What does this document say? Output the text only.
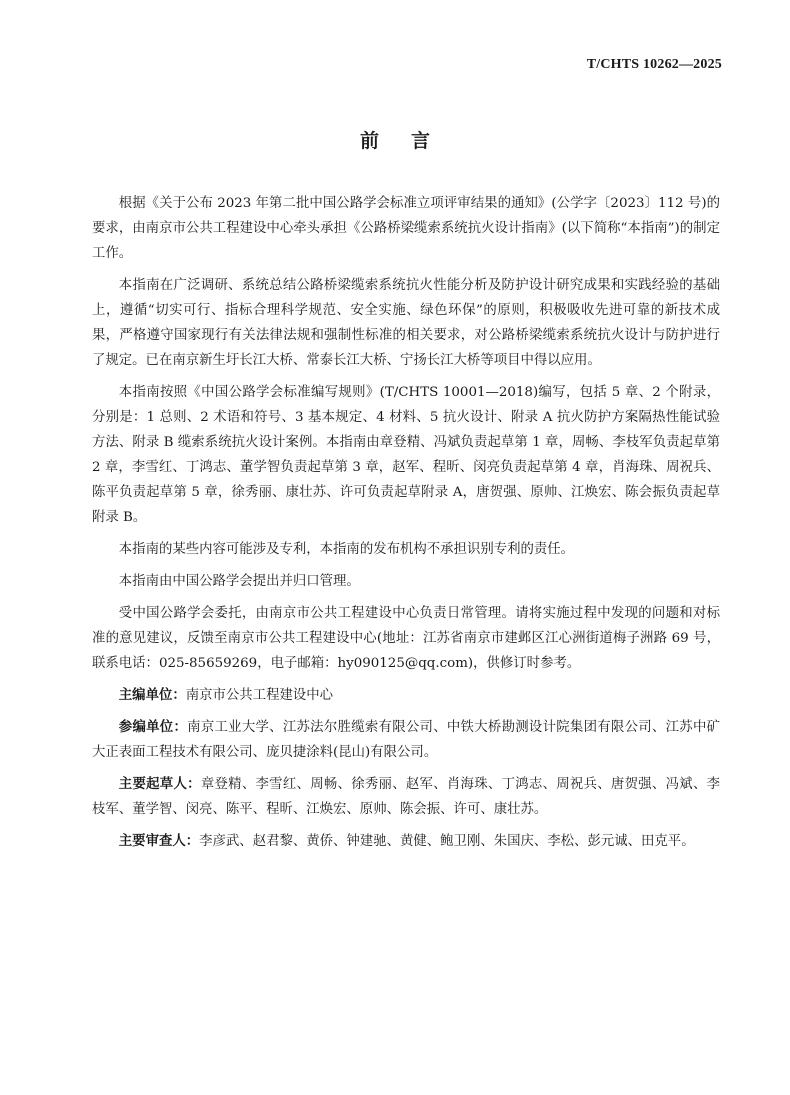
T/CHTS 10262—2025
前言

根据《关于公布 2023 年第二批中国公路学会标准立项评审结果的通知》(公学字〔2023〕112 号)的要求，由南京市公共工程建设中心牵头承担《公路桥梁缆索系统抗火设计指南》(以下简称“本指南”)的制定工作。

本指南在广泛调研、系统总结公路桥梁缆索系统抗火性能分析及防护设计研究成果和实践经验的基础上，遵循“切实可行、指标合理科学规范、安全实施、绿色环保”的原则，积极吸收先进可靠的新技术成果，严格遵守国家现行有关法律法规和强制性标准的相关要求，对公路桥梁缆索系统抗火设计与防护进行了规定。已在南京新生圩长江大桥、常泰长江大桥、宁扬长江大桥等项目中得以应用。

本指南按照《中国公路学会标准编写规则》(T/CHTS 10001—2018)编写，包括 5 章、2 个附录，分别是：1 总则、2 术语和符号、3 基本规定、4 材料、5 抗火设计、附录 A 抗火防护方案隔热性能试验方法、附录 B 缆索系统抗火设计案例。本指南由章登精、冯斌负责起草第 1 章，周畅、李枝军负责起草第 2 章，李雪红、丁鸿志、董学智负责起草第 3 章，赵军、程昕、闵亮负责起草第 4 章，肖海珠、周祝兵、陈平负责起草第 5 章，徐秀丽、康壮苏、许可负责起草附录 A，唐贺强、原帅、江焕宏、陈会振负责起草附录 B。

本指南的某些内容可能涉及专利，本指南的发布机构不承担识别专利的责任。

本指南由中国公路学会提出并归口管理。

受中国公路学会委托，由南京市公共工程建设中心负责日常管理。请将实施过程中发现的问题和对标准的意见建议，反馈至南京市公共工程建设中心(地址：江苏省南京市建邺区江心洲街道梅子洲路 69 号，联系电话：025-85659269，电子邮箱：hy090125@qq.com)，供修订时参考。

主编单位：南京市公共工程建设中心

参编单位：南京工业大学、江苏法尔胜缆索有限公司、中铁大桥勘测设计院集团有限公司、江苏中矿大正表面工程技术有限公司、庞贝捷涂料(昆山)有限公司。

主要起草人：章登精、李雪红、周畅、徐秀丽、赵军、肖海珠、丁鸿志、周祝兵、唐贺强、冯斌、李枝军、董学智、闵亮、陈平、程昕、江焕宏、原帅、陈会振、许可、康壮苏。

主要审查人：李彦武、赵君黎、黄侨、钟建驰、黄健、鲍卫刚、朱国庆、李松、彭元诚、田克平。
